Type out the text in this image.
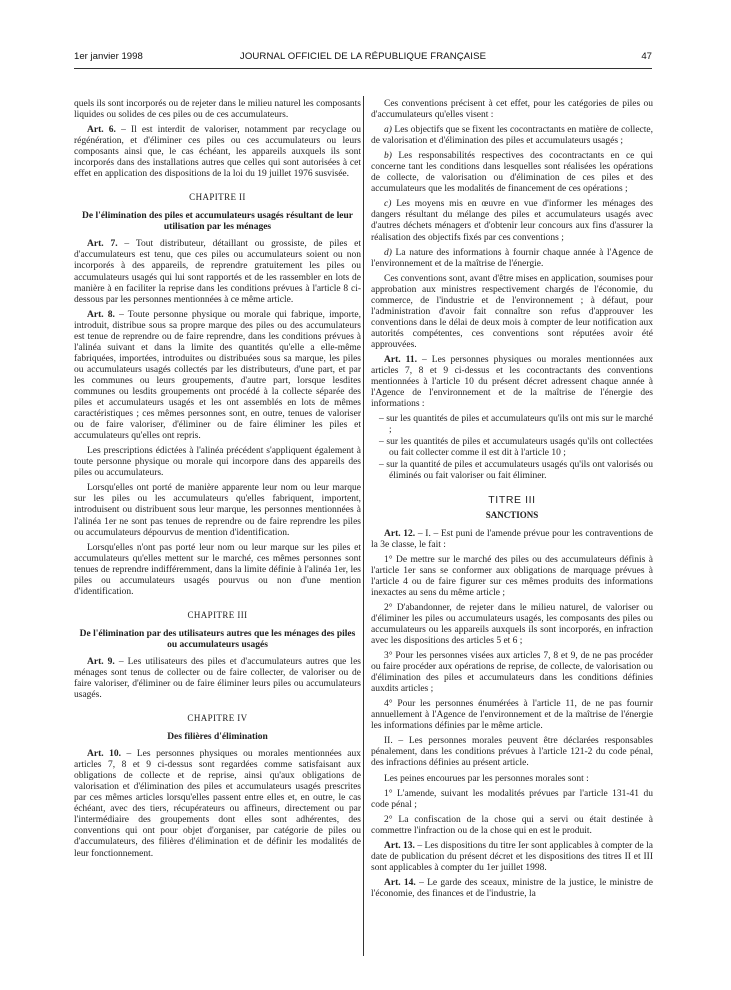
1er janvier 1998	JOURNAL OFFICIEL DE LA RÉPUBLIQUE FRANÇAISE	47

quels ils sont incorporés ou de rejeter dans le milieu naturel les composants liquides ou solides de ces piles ou de ces accumulateurs.

Art. 6. – Il est interdit de valoriser, notamment par recyclage ou régénération, et d'éliminer ces piles ou ces accumulateurs ou leurs composants ainsi que, le cas échéant, les appareils auxquels ils sont incorporés dans des installations autres que celles qui sont autorisées à cet effet en application des dispositions de la loi du 19 juillet 1976 susvisée.

CHAPITRE II
De l'élimination des piles et accumulateurs usagés résultant de leur utilisation par les ménages

Art. 7. – Tout distributeur, détaillant ou grossiste, de piles et d'accumulateurs est tenu, que ces piles ou accumulateurs soient ou non incorporés à des appareils, de reprendre gratuitement les piles ou accumulateurs usagés qui lui sont rapportés et de les rassembler en lots de manière à en faciliter la reprise dans les conditions prévues à l'article 8 ci-dessous par les personnes mentionnées à ce même article.

Art. 8. – Toute personne physique ou morale qui fabrique, importe, introduit, distribue sous sa propre marque des piles ou des accumulateurs est tenue de reprendre ou de faire reprendre, dans les conditions prévues à l'alinéa suivant et dans la limite des quantités qu'elle a elle-même fabriquées, importées, introduites ou distribuées sous sa marque, les piles ou accumulateurs usagés collectés par les distributeurs, d'une part, et par les communes ou leurs groupements, d'autre part, lorsque lesdites communes ou lesdits groupements ont procédé à la collecte séparée des piles et accumulateurs usagés et les ont assemblés en lots de mêmes caractéristiques ; ces mêmes personnes sont, en outre, tenues de valoriser ou de faire valoriser, d'éliminer ou de faire éliminer les piles et accumulateurs qu'elles ont repris.

Les prescriptions édictées à l'alinéa précédent s'appliquent également à toute personne physique ou morale qui incorpore dans des appareils des piles ou accumulateurs.

Lorsqu'elles ont porté de manière apparente leur nom ou leur marque sur les piles ou les accumulateurs qu'elles fabriquent, importent, introduisent ou distribuent sous leur marque, les personnes mentionnées à l'alinéa 1er ne sont pas tenues de reprendre ou de faire reprendre les piles ou accumulateurs dépourvus de mention d'identification.

Lorsqu'elles n'ont pas porté leur nom ou leur marque sur les piles et accumulateurs qu'elles mettent sur le marché, ces mêmes personnes sont tenues de reprendre indifféremment, dans la limite définie à l'alinéa 1er, les piles ou accumulateurs usagés pourvus ou non d'une mention d'identification.

CHAPITRE III
De l'élimination par des utilisateurs autres que les ménages des piles ou accumulateurs usagés

Art. 9. – Les utilisateurs des piles et d'accumulateurs autres que les ménages sont tenus de collecter ou de faire collecter, de valoriser ou de faire valoriser, d'éliminer ou de faire éliminer leurs piles ou accumulateurs usagés.

CHAPITRE IV
Des filières d'élimination

Art. 10. – Les personnes physiques ou morales mentionnées aux articles 7, 8 et 9 ci-dessus sont regardées comme satisfaisant aux obligations de collecte et de reprise, ainsi qu'aux obligations de valorisation et d'élimination des piles et accumulateurs usagés prescrites par ces mêmes articles lorsqu'elles passent entre elles et, en outre, le cas échéant, avec des tiers, récupérateurs ou affineurs, directement ou par l'intermédiaire des groupements dont elles sont adhérentes, des conventions qui ont pour objet d'organiser, par catégorie de piles ou d'accumulateurs, des filières d'élimination et de définir les modalités de leur fonctionnement.

Ces conventions précisent à cet effet, pour les catégories de piles ou d'accumulateurs qu'elles visent :

a) Les objectifs que se fixent les cocontractants en matière de collecte, de valorisation et d'élimination des piles et accumulateurs usagés ;

b) Les responsabilités respectives des cocontractants en ce qui concerne tant les conditions dans lesquelles sont réalisées les opérations de collecte, de valorisation ou d'élimination de ces piles et des accumulateurs que les modalités de financement de ces opérations ;

c) Les moyens mis en œuvre en vue d'informer les ménages des dangers résultant du mélange des piles et accumulateurs usagés avec d'autres déchets ménagers et d'obtenir leur concours aux fins d'assurer la réalisation des objectifs fixés par ces conventions ;

d) La nature des informations à fournir chaque année à l'Agence de l'environnement et de la maîtrise de l'énergie.

Ces conventions sont, avant d'être mises en application, soumises pour approbation aux ministres respectivement chargés de l'économie, du commerce, de l'industrie et de l'environnement ; à défaut, pour l'administration d'avoir fait connaître son refus d'approuver les conventions dans le délai de deux mois à compter de leur notification aux autorités compétentes, ces conventions sont réputées avoir été approuvées.

Art. 11. – Les personnes physiques ou morales mentionnées aux articles 7, 8 et 9 ci-dessus et les cocontractants des conventions mentionnées à l'article 10 du présent décret adressent chaque année à l'Agence de l'environnement et de la maîtrise de l'énergie des informations :

– sur les quantités de piles et accumulateurs qu'ils ont mis sur le marché ;

– sur les quantités de piles et accumulateurs usagés qu'ils ont collectées ou fait collecter comme il est dit à l'article 10 ;

– sur la quantité de piles et accumulateurs usagés qu'ils ont valorisés ou éliminés ou fait valoriser ou fait éliminer.

TITRE III
SANCTIONS

Art. 12. – I. – Est puni de l'amende prévue pour les contraventions de la 3e classe, le fait :

1° De mettre sur le marché des piles ou des accumulateurs définis à l'article 1er sans se conformer aux obligations de marquage prévues à l'article 4 ou de faire figurer sur ces mêmes produits des informations inexactes au sens du même article ;

2° D'abandonner, de rejeter dans le milieu naturel, de valoriser ou d'éliminer les piles ou accumulateurs usagés, les composants des piles ou accumulateurs ou les appareils auxquels ils sont incorporés, en infraction avec les dispositions des articles 5 et 6 ;

3° Pour les personnes visées aux articles 7, 8 et 9, de ne pas procéder ou faire procéder aux opérations de reprise, de collecte, de valorisation ou d'élimination des piles et accumulateurs dans les conditions définies auxdits articles ;

4° Pour les personnes énumérées à l'article 11, de ne pas fournir annuellement à l'Agence de l'environnement et de la maîtrise de l'énergie les informations définies par le même article.

II. – Les personnes morales peuvent être déclarées responsables pénalement, dans les conditions prévues à l'article 121-2 du code pénal, des infractions définies au présent article.

Les peines encourues par les personnes morales sont :

1° L'amende, suivant les modalités prévues par l'article 131-41 du code pénal ;

2° La confiscation de la chose qui a servi ou était destinée à commettre l'infraction ou de la chose qui en est le produit.

Art. 13. – Les dispositions du titre Ier sont applicables à compter de la date de publication du présent décret et les dispositions des titres II et III sont applicables à compter du 1er juillet 1998.

Art. 14. – Le garde des sceaux, ministre de la justice, le ministre de l'économie, des finances et de l'industrie, la
